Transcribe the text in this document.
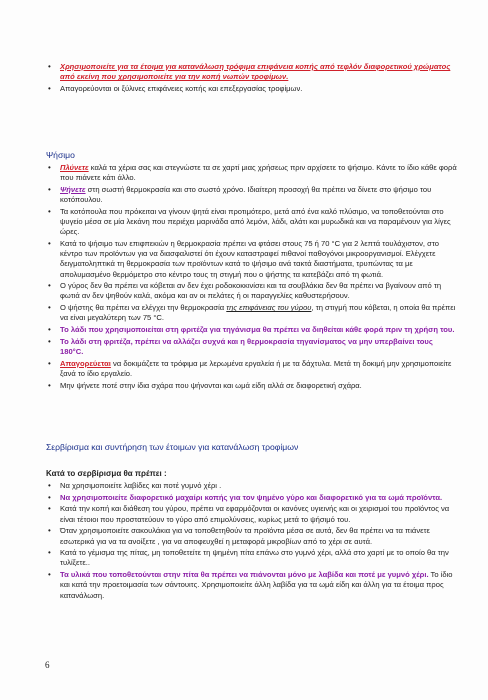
• Χρησιμοποιείτε για τα έτοιμα για κατανάλωση τρόφιμα επιφάνεια κοπής από τεφλόν διαφορετικού χρώματος από εκείνη που χρησιμοποιείτε για την κοπή νωπών τροφίμων.
• Απαγορεύονται οι ξύλινες επιφάνειες κοπής και επεξεργασίας τροφίμων.
Ψήσιμο
• Πλύνετε καλά τα χέρια σας και στεγνώστε τα σε χαρτί μιας χρήσεως πριν αρχίσετε το ψήσιμο. Κάντε το ίδιο κάθε φορά που πιάνετε κάτι άλλο.
• Ψήνετε στη σωστή θερμοκρασία και στο σωστό χρόνο. Ιδιαίτερη προσοχή θα πρέπει να δίνετε στο ψήσιμο του κοτόπουλου.
• Τα κοτόπουλα που πρόκειται να γίνουν ψητά είναι προτιμότερο, μετά από ένα καλό πλύσιμο, να τοποθετούνται στο ψυγείο μέσα σε μία λεκάνη που περιέχει μαρινάδα από λεμόνι, λάδι, αλάτι και μυρωδικά και να παραμένουν για λίγες ώρες.
• Κατά το ψήσιμο των επιφπεκιών η θερμοκρασία πρέπει να φτάσει στους 75 ή 70 °C για 2 λεπτά τουλάχιστον, στο κέντρο των προϊόντων για να διασφαλιστεί ότι έχουν καταστραφεί πιθανοί παθογόνοι μικροοργανισμοί. Ελέγχετε δειγματοληπτικά τη θερμοκρασία των προϊόντων κατά το ψήσιμο ανά τακτά διαστήματα, τρυπώντας τα με απολυμασμένο θερμόμετρο στο κέντρο τους τη στιγμή που ο ψήστης τα κατεβάζει από τη φωτιά.
• Ο γύρος δεν θα πρέπει να κόβεται αν δεν έχει ροδοκοκκινίσει και τα σουβλάκια δεν θα πρέπει να βγαίνουν από τη φωτιά αν δεν ψηθούν καλά, ακόμα και αν οι πελάτες ή οι παραγγελίες καθυστερήσουν.
• Ο ψήστης θα πρέπει να ελέγχει την θερμοκρασία της επιφάνειας του γύρου, τη στιγμή που κόβεται, η οποία θα πρέπει να είναι μεγαλύτερη των 75 °C.
• Το λάδι που χρησιμοποιείται στη φριτέζα για τηγάνισμα θα πρέπει να διηθείται κάθε φορά πριν τη χρήση του.
• Το λάδι στη φριτέζα, πρέπει να αλλάζει συχνά και η θερμοκρασία τηγανίσματος να μην υπερβαίνει τους 180°C.
• Απαγορεύεται να δοκιμάζετε τα τρόφιμα με λερωμένα εργαλεία ή με τα δάχτυλα. Μετά τη δοκιμή μην χρησιμοποιείτε ξανά το ίδιο εργαλείο.
• Μην ψήνετε ποτέ στην ίδια σχάρα που ψήνονται και ωμά είδη αλλά σε διαφορετική σχάρα.
Σερβίρισμα και συντήρηση των έτοιμων για κατανάλωση τροφίμων
Κατά το σερβίρισμα θα πρέπει :
• Να χρησιμοποιείτε λαβίδες και ποτέ γυμνό χέρι .
• Να χρησιμοποιείτε διαφορετικό μαχαίρι κοπής για τον ψημένο γύρο και διαφορετικό για τα ωμά προϊόντα.
• Κατά την κοπή και διάθεση του γύρου, πρέπει να εφαρμόζονται οι κανόνες υγιεινής και οι χειρισμοί του προϊόντος να είναι τέτοιοι που προστατεύουν το γύρο από επιμολύνσεις, κυρίως μετά το ψήσιμό του.
• Όταν χρησιμοποιείτε σακουλάκια για να τοποθετηθούν τα προϊόντα μέσα σε αυτά, δεν θα πρέπει να τα πιάνετε εσωτερικά για να τα ανοίξετε , για να αποφευχθεί η μεταφορά μικροβίων από το χέρι σε αυτά.
• Κατά το γέμισμα της πίτας, μη τοποθετείτε τη ψημένη πίτα επάνω στο γυμνό χέρι, αλλά στο χαρτί με το οποίο θα την τυλίξετε..
• Τα υλικά που τοποθετούνται στην πίτα θα πρέπει να πιάνονται μόνο με λαβίδα και ποτέ με γυμνό χέρι. Το ίδιο και κατά την προετοιμασία των σάντουιτς. Χρησιμοποιείτε άλλη λαβίδα για τα ωμά είδη και άλλη για τα έτοιμα προς κατανάλωση.
6
